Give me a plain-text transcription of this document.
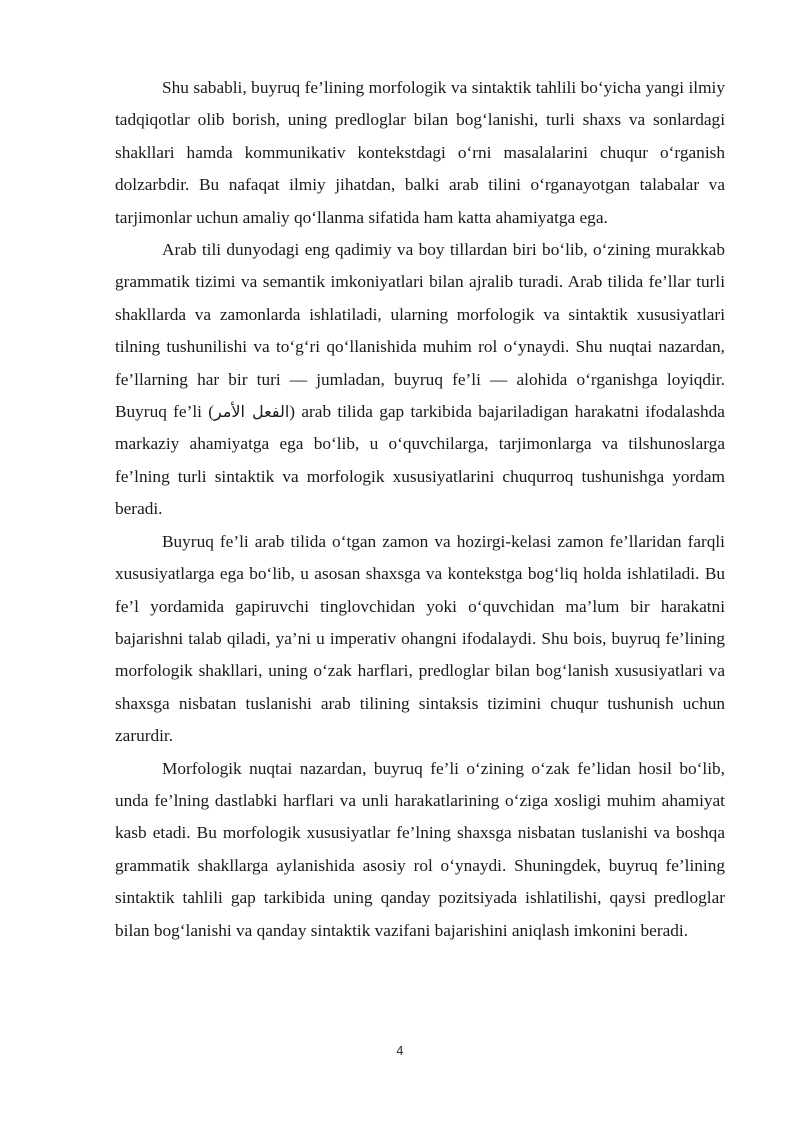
Shu sababli, buyruq fe’lining morfologik va sintaktik tahlili bo‘yicha yangi ilmiy tadqiqotlar olib borish, uning predloglar bilan bog‘lanishi, turli shaxs va sonlardagi shakllari hamda kommunikativ kontekstdagi o‘rni masalalarini chuqur o‘rganish dolzarbdir. Bu nafaqat ilmiy jihatdan, balki arab tilini o‘rganayotgan talabalar va tarjimonlar uchun amaliy qo‘llanma sifatida ham katta ahamiyatga ega.

Arab tili dunyodagi eng qadimiy va boy tillardan biri bo‘lib, o‘zining murakkab grammatik tizimi va semantik imkoniyatlari bilan ajralib turadi. Arab tilida fe’llar turli shakllarda va zamonlarda ishlatiladi, ularning morfologik va sintaktik xususiyatlari tilning tushunilishi va to‘g‘ri qo‘llanishida muhim rol o‘ynaydi. Shu nuqtai nazardan, fe’llarning har bir turi — jumladan, buyruq fe’li — alohida o‘rganishga loyiqdir. Buyruq fe’li (الفعل الأمر) arab tilida gap tarkibida bajariladigan harakatni ifodalashda markaziy ahamiyatga ega bo‘lib, u o‘quvchilarga, tarjimonlarga va tilshunoslarga fe’lning turli sintaktik va morfologik xususiyatlarini chuqurroq tushunishga yordam beradi.

Buyruq fe’li arab tilida o‘tgan zamon va hozirgi-kelasi zamon fe’llaridan farqli xususiyatlarga ega bo‘lib, u asosan shaxsga va kontekstga bog‘liq holda ishlatiladi. Bu fe’l yordamida gapiruvchi tinglovchidan yoki o‘quvchidan ma’lum bir harakatni bajarishni talab qiladi, ya’ni u imperativ ohangni ifodalaydi. Shu bois, buyruq fe’lining morfologik shakllari, uning o‘zak harflari, predloglar bilan bog‘lanish xususiyatlari va shaxsga nisbatan tuslanishi arab tilining sintaksis tizimini chuqur tushunish uchun zarurdir.

Morfologik nuqtai nazardan, buyruq fe’li o‘zining o‘zak fe’lidan hosil bo‘lib, unda fe’lning dastlabki harflari va unli harakatlarining o‘ziga xosligi muhim ahamiyat kasb etadi. Bu morfologik xususiyatlar fe’lning shaxsga nisbatan tuslanishi va boshqa grammatik shakllarga aylanishida asosiy rol o‘ynaydi. Shuningdek, buyruq fe’lining sintaktik tahlili gap tarkibida uning qanday pozitsiyada ishlatilishi, qaysi predloglar bilan bog‘lanishi va qanday sintaktik vazifani bajarishini aniqlash imkonini beradi.

4
